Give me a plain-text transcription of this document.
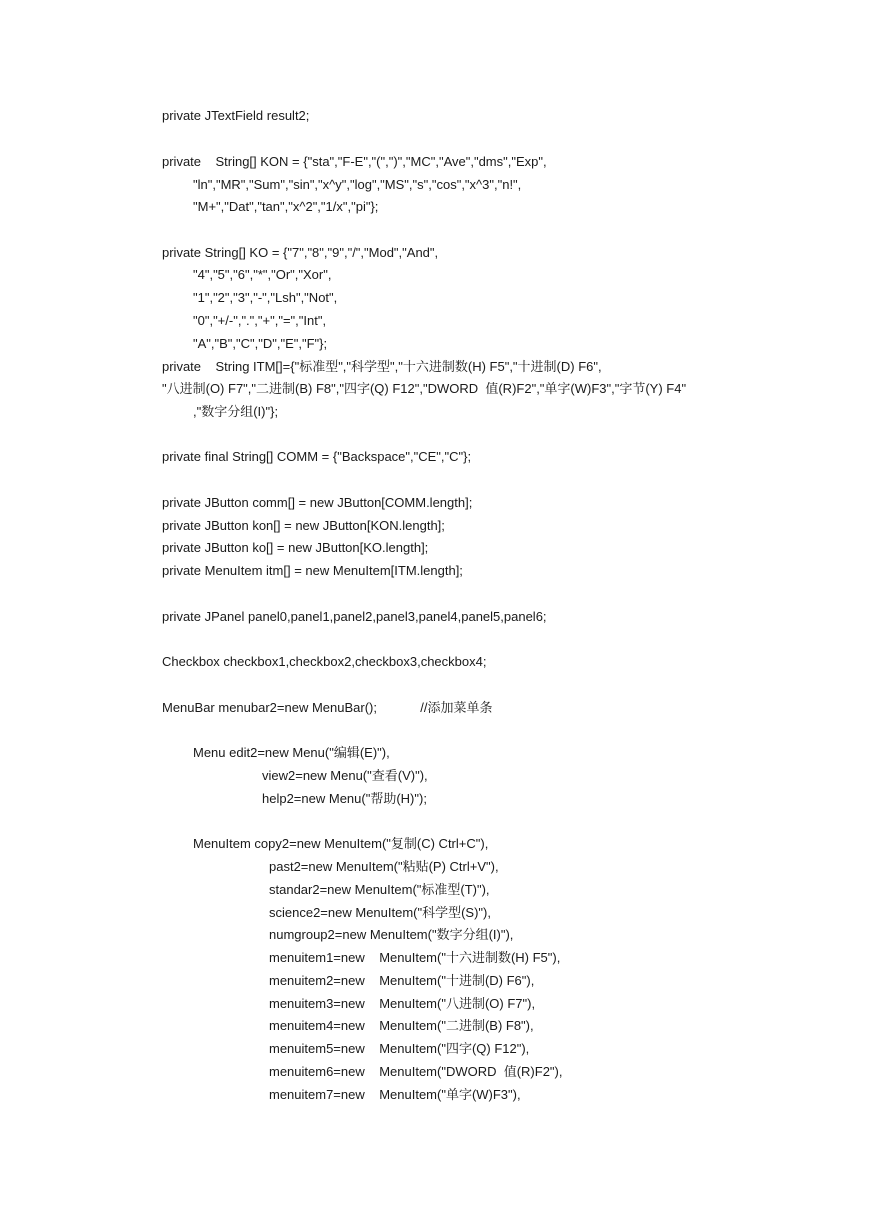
private JTextField result2;
private    String[] KON = {"sta","F-E","(",")","MC","Ave","dms","Exp",
"ln","MR","Sum","sin","x^y","log","MS","s","cos","x^3","n!",
"M+","Dat","tan","x^2","1/x","pi"};
private String[] KO = {"7","8","9","/","Mod","And",
"4","5","6","*","Or","Xor",
"1","2","3","-","Lsh","Not",
"0","+/-",".","+","=","Int",
"A","B","C","D","E","F"};
private    String ITM[]={"标准型","科学型","十六进制数(H) F5","十进制(D) F6",
"八进制(O) F7","二进制(B) F8","四字(Q) F12","DWORD  值(R)F2","单字(W)F3","字节(Y) F4"
,"数字分组(I)"};
private final String[] COMM = {"Backspace","CE","C"};
private JButton comm[] = new JButton[COMM.length];
private JButton kon[] = new JButton[KON.length];
private JButton ko[] = new JButton[KO.length];
private MenuItem itm[] = new MenuItem[ITM.length];
private JPanel panel0,panel1,panel2,panel3,panel4,panel5,panel6;
Checkbox checkbox1,checkbox2,checkbox3,checkbox4;
MenuBar menubar2=new MenuBar();            //添加菜单条
Menu edit2=new Menu("编辑(E)"),
view2=new Menu("查看(V)"),
help2=new Menu("帮助(H)");
MenuItem copy2=new MenuItem("复制(C) Ctrl+C"),
past2=new MenuItem("粘贴(P) Ctrl+V"),
standar2=new MenuItem("标准型(T)"),
science2=new MenuItem("科学型(S)"),
numgroup2=new MenuItem("数字分组(I)"),
menuitem1=new    MenuItem("十六进制数(H) F5"),
menuitem2=new    MenuItem("十进制(D) F6"),
menuitem3=new    MenuItem("八进制(O) F7"),
menuitem4=new    MenuItem("二进制(B) F8"),
menuitem5=new    MenuItem("四字(Q) F12"),
menuitem6=new    MenuItem("DWORD  值(R)F2"),
menuitem7=new    MenuItem("单字(W)F3"),
